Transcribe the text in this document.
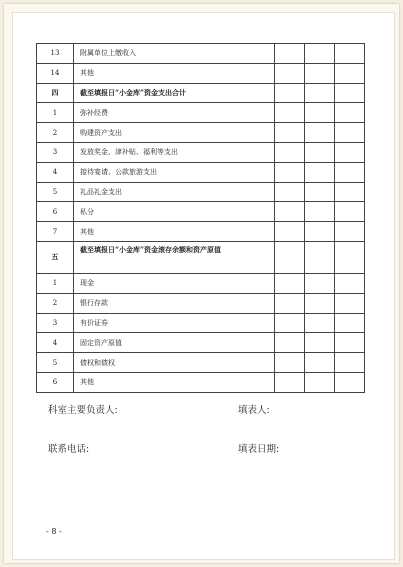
13	附属单位上缴收入			
14	其他			
四	截至填报日“小金库”资金支出合计			
1	弥补经费			
2	购建资产支出			
3	发放奖金、津补贴、福利等支出			
4	接待宴请、公款旅游支出			
5	礼品礼金支出			
6	私分			
7	其他			
五	截至填报日“小金库”资金滚存余额和资产原值			
1	现金			
2	银行存款			
3	有价证券			
4	固定资产原值			
5	债权和债权			
6	其他			
科室主要负责人:	填表人:
联系电话:	填表日期:
- 8 -
